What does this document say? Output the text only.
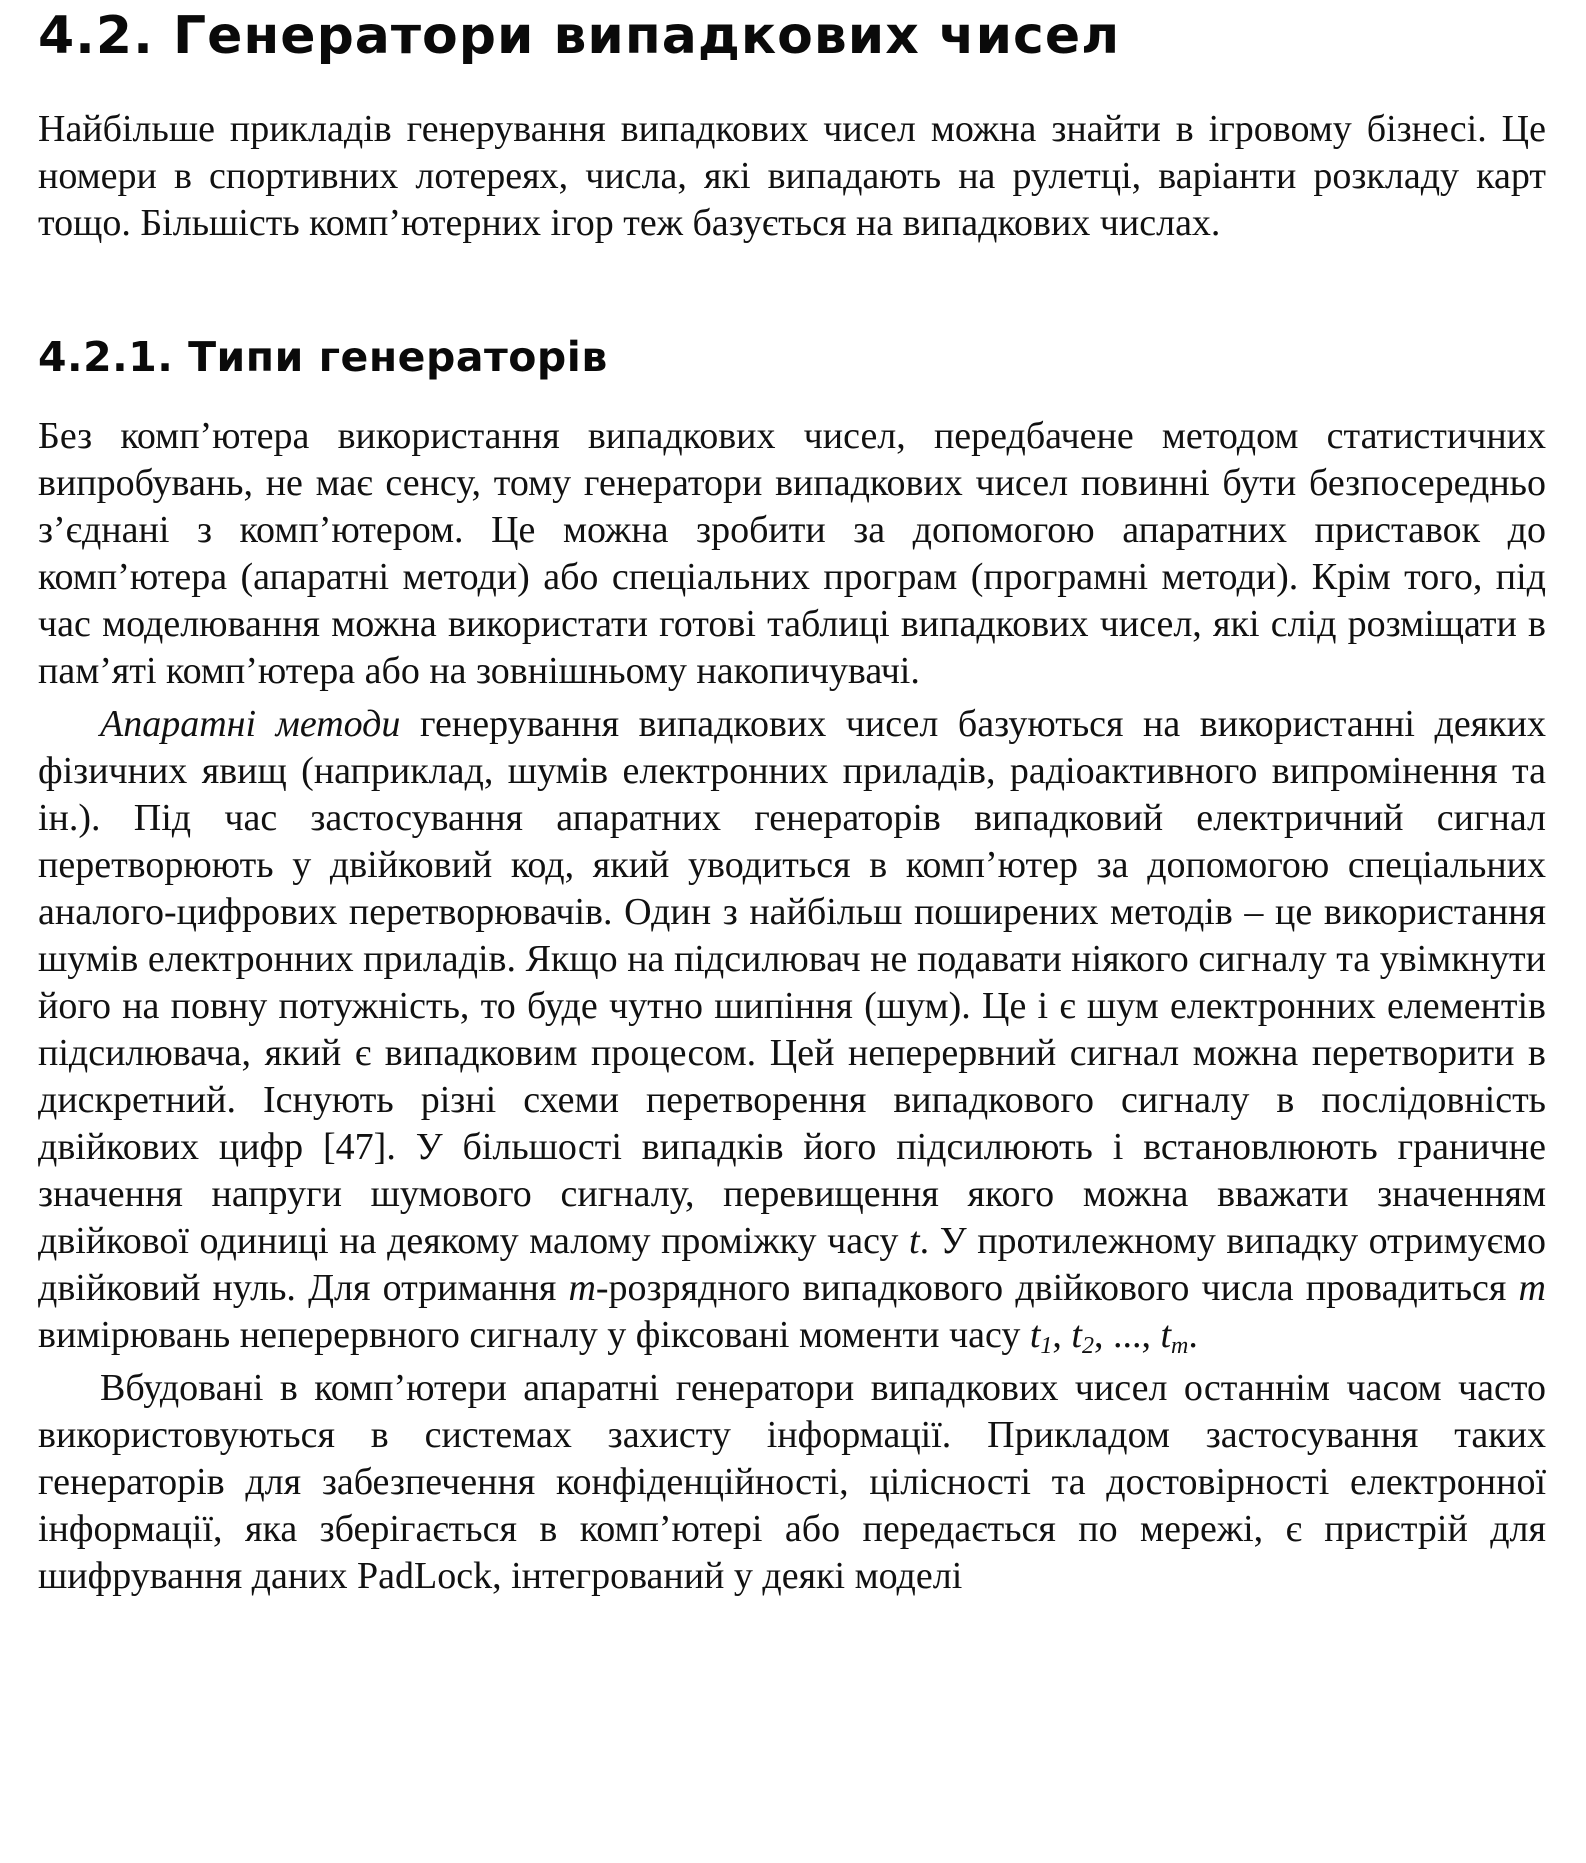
4.2. Генератори випадкових чисел

Найбільше прикладів генерування випадкових чисел можна знайти в ігровому бізнесі. Це номери в спортивних лотереях, числа, які випадають на рулетці, варіанти розкладу карт тощо. Більшість комп’ютерних ігор теж базується на випадкових числах.

4.2.1. Типи генераторів

Без комп’ютера використання випадкових чисел, передбачене методом статистичних випробувань, не має сенсу, тому генератори випадкових чисел повинні бути безпосередньо з’єднані з комп’ютером. Це можна зробити за допомогою апаратних приставок до комп’ютера (апаратні методи) або спеціальних програм (програмні методи). Крім того, під час моделювання можна використати готові таблиці випадкових чисел, які слід розміщати в пам’яті комп’ютера або на зовнішньому накопичувачі.

Апаратні методи генерування випадкових чисел базуються на використанні деяких фізичних явищ (наприклад, шумів електронних приладів, радіоактивного випромінення та ін.). Під час застосування апаратних генераторів випадковий електричний сигнал перетворюють у двійковий код, який уводиться в комп’ютер за допомогою спеціальних аналого-цифрових перетворювачів. Один з найбільш поширених методів – це використання шумів електронних приладів. Якщо на підсилювач не подавати ніякого сигналу та увімкнути його на повну потужність, то буде чутно шипіння (шум). Це і є шум електронних елементів підсилювача, який є випадковим процесом. Цей неперервний сигнал можна перетворити в дискретний. Існують різні схеми перетворення випадкового сигналу в послідовність двійкових цифр [47]. У більшості випадків його підсилюють і встановлюють граничне значення напруги шумового сигналу, перевищення якого можна вважати значенням двійкової одиниці на деякому малому проміжку часу t. У протилежному випадку отримуємо двійковий нуль. Для отримання m-розрядного випадкового двійкового числа провадиться m вимірювань неперервного сигналу у фіксовані моменти часу $t_1$, $t_2$, ..., $t_m$.

Вбудовані в комп’ютери апаратні генератори випадкових чисел останнім часом часто використовуються в системах захисту інформації. Прикладом застосування таких генераторів для забезпечення конфіденційності, цілісності та достовірності електронної інформації, яка зберігається в комп’ютері або передається по мережі, є пристрій для шифрування даних PadLock, інтегрований у деякі моделі
